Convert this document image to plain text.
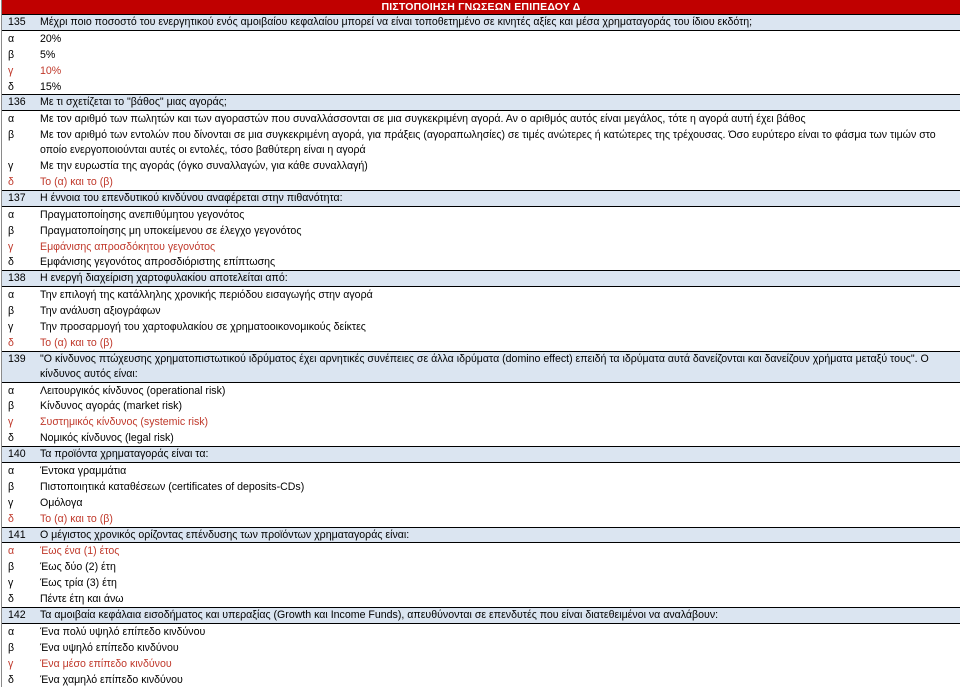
ΠΙΣΤΟΠΟΙΗΣΗ ΓΝΩΣΕΩΝ ΕΠΙΠΕΔΟΥ Δ
135	Μέχρι ποιο ποσοστό του ενεργητικού ενός αμοιβαίου κεφαλαίου μπορεί να είναι τοποθετημένο σε κινητές αξίες και μέσα χρηματαγοράς του ίδιου εκδότη;
α	20%
β	5%
γ	10%
δ	15%
136	Με τι σχετίζεται το "βάθος" μιας αγοράς;
α	Με τον αριθμό των πωλητών και των αγοραστών που συναλλάσσονται σε μια συγκεκριμένη αγορά. Αν ο αριθμός αυτός είναι μεγάλος, τότε η αγορά αυτή έχει βάθος
β	Με τον αριθμό των εντολών που δίνονται σε μια συγκεκριμένη αγορά, για πράξεις (αγοραπωλησίες) σε τιμές ανώτερες ή κατώτερες της τρέχουσας. Όσο ευρύτερο είναι το φάσμα των τιμών στο οποίο ενεργοποιούνται αυτές οι εντολές, τόσο βαθύτερη είναι η αγορά
γ	Με την ευρωστία της αγοράς (όγκο συναλλαγών, για κάθε συναλλαγή)
δ	Το (α) και το (β)
137	Η έννοια του επενδυτικού κινδύνου αναφέρεται στην πιθανότητα:
α	Πραγματοποίησης ανεπιθύμητου γεγονότος
β	Πραγματοποίησης μη υποκείμενου σε έλεγχο γεγονότος
γ	Εμφάνισης απροσδόκητου γεγονότος
δ	Εμφάνισης γεγονότος απροσδιόριστης επίπτωσης
138	Η ενεργή διαχείριση χαρτοφυλακίου αποτελείται από:
α	Την επιλογή της κατάλληλης χρονικής περιόδου εισαγωγής στην αγορά
β	Την ανάλυση αξιογράφων
γ	Την προσαρμογή του χαρτοφυλακίου σε χρηματοοικονομικούς δείκτες
δ	Το (α) και το (β)
139	"Ο κίνδυνος πτώχευσης χρηματοπιστωτικού ιδρύματος έχει αρνητικές συνέπειες σε άλλα ιδρύματα (domino effect) επειδή τα ιδρύματα αυτά δανείζονται και δανείζουν χρήματα μεταξύ τους". Ο κίνδυνος αυτός είναι:
α	Λειτουργικός κίνδυνος (operational risk)
β	Κίνδυνος αγοράς (market risk)
γ	Συστημικός κίνδυνος (systemic risk)
δ	Νομικός κίνδυνος (legal risk)
140	Τα προϊόντα χρηματαγοράς είναι τα:
α	Έντοκα γραμμάτια
β	Πιστοποιητικά καταθέσεων (certificates of deposits-CDs)
γ	Ομόλογα
δ	Το (α) και το (β)
141	Ο μέγιστος χρονικός ορίζοντας επένδυσης των προϊόντων χρηματαγοράς είναι:
α	Έως ένα (1) έτος
β	Έως δύο (2) έτη
γ	Έως τρία (3) έτη
δ	Πέντε έτη και άνω
142	Τα αμοιβαία κεφάλαια εισοδήματος και υπεραξίας (Growth και Income Funds), απευθύνονται σε επενδυτές που είναι διατεθειμένοι να αναλάβουν:
α	Ένα πολύ υψηλό επίπεδο κινδύνου
β	Ένα υψηλό επίπεδο κινδύνου
γ	Ένα μέσο επίπεδο κινδύνου
δ	Ένα χαμηλό επίπεδο κινδύνου
